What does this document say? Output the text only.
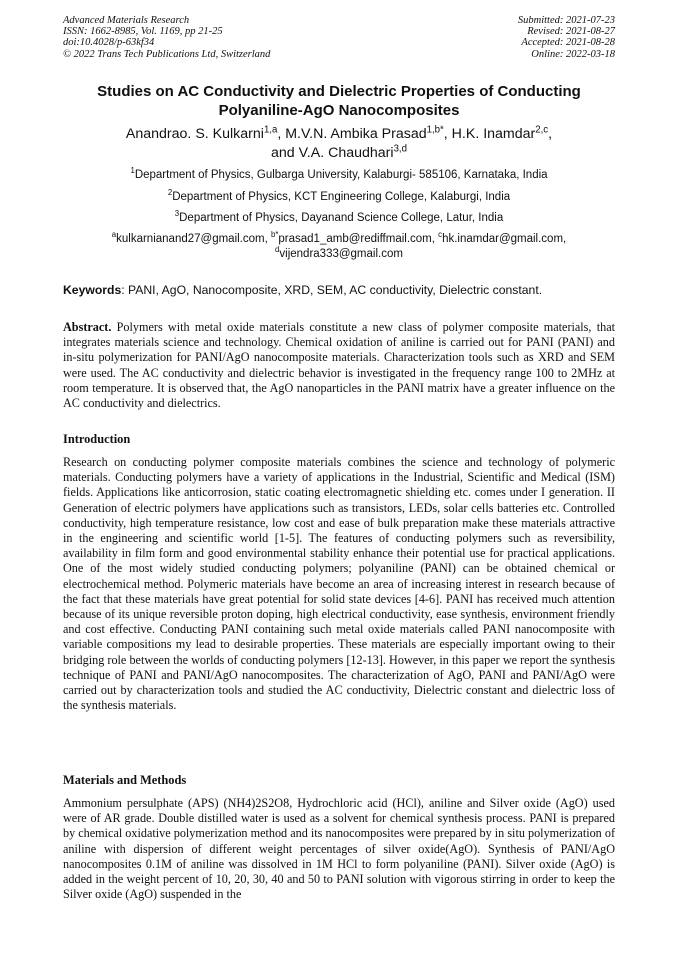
Advanced Materials Research
ISSN: 1662-8985, Vol. 1169, pp 21-25
doi:10.4028/p-63kf34
© 2022 Trans Tech Publications Ltd, Switzerland
Submitted: 2021-07-23
Revised: 2021-08-27
Accepted: 2021-08-28
Online: 2022-03-18
Studies on AC Conductivity and Dielectric Properties of Conducting
Polyaniline-AgO Nanocomposites
Anandrao. S. Kulkarni$^{1,a}$, M.V.N. Ambika Prasad$^{1,b*}$, H.K. Inamdar$^{2,c}$,
and V.A. Chaudhari$^{3,d}$
$^1$Department of Physics, Gulbarga University, Kalaburgi- 585106, Karnataka, India
$^2$Department of Physics, KCT Engineering College, Kalaburgi, India
$^3$Department of Physics, Dayanand Science College, Latur, India
$^a$kulkarnianand27@gmail.com, $^{b*}$prasad1_amb@rediffmail.com, $^c$hk.inamdar@gmail.com,
$^d$vijendra333@gmail.com
Keywords: PANI, AgO, Nanocomposite, XRD, SEM, AC conductivity, Dielectric constant.
Abstract. Polymers with metal oxide materials constitute a new class of polymer composite materials, that integrates materials science and technology. Chemical oxidation of aniline is carried out for PANI (PANI) and in-situ polymerization for PANI/AgO nanocomposite materials. Characterization tools such as XRD and SEM were used. The AC conductivity and dielectric behavior is investigated in the frequency range 100 to 2MHz at room temperature. It is observed that, the AgO nanoparticles in the PANI matrix have a greater influence on the AC conductivity and dielectrics.
Introduction
Research on conducting polymer composite materials combines the science and technology of polymeric materials. Conducting polymers have a variety of applications in the Industrial, Scientific and Medical (ISM) fields. Applications like anticorrosion, static coating electromagnetic shielding etc. comes under I generation. II Generation of electric polymers have applications such as transistors, LEDs, solar cells batteries etc. Controlled conductivity, high temperature resistance, low cost and ease of bulk preparation make these materials attractive in the engineering and scientific world [1-5]. The features of conducting polymers such as reversibility, availability in film form and good environmental stability enhance their potential use for practical applications. One of the most widely studied conducting polymers; polyaniline (PANI) can be obtained chemical or electrochemical method. Polymeric materials have become an area of increasing interest in research because of the fact that these materials have great potential for solid state devices [4-6]. PANI has received much attention because of its unique reversible proton doping, high electrical conductivity, ease synthesis, environment friendly and cost effective. Conducting PANI containing such metal oxide materials called PANI nanocomposite with variable compositions my lead to desirable properties. These materials are especially important owing to their bridging role between the worlds of conducting polymers [12-13]. However, in this paper we report the synthesis technique of PANI and PANI/AgO nanocomposites. The characterization of AgO, PANI and PANI/AgO were carried out by characterization tools and studied the AC conductivity, Dielectric constant and dielectric loss of the synthesis materials.
Materials and Methods
Ammonium persulphate (APS) (NH4)2S2O8, Hydrochloric acid (HCl), aniline and Silver oxide (AgO) used were of AR grade. Double distilled water is used as a solvent for chemical synthesis process. PANI is prepared by chemical oxidative polymerization method and its nanocomposites were prepared by in situ polymerization of aniline with dispersion of different weight percentages of silver oxide(AgO). Synthesis of PANI/AgO nanocomposites 0.1M of aniline was dissolved in 1M HCl to form polyaniline (PANI). Silver oxide (AgO) is added in the weight percent of 10, 20, 30, 40 and 50 to PANI solution with vigorous stirring in order to keep the Silver oxide (AgO) suspended in the
